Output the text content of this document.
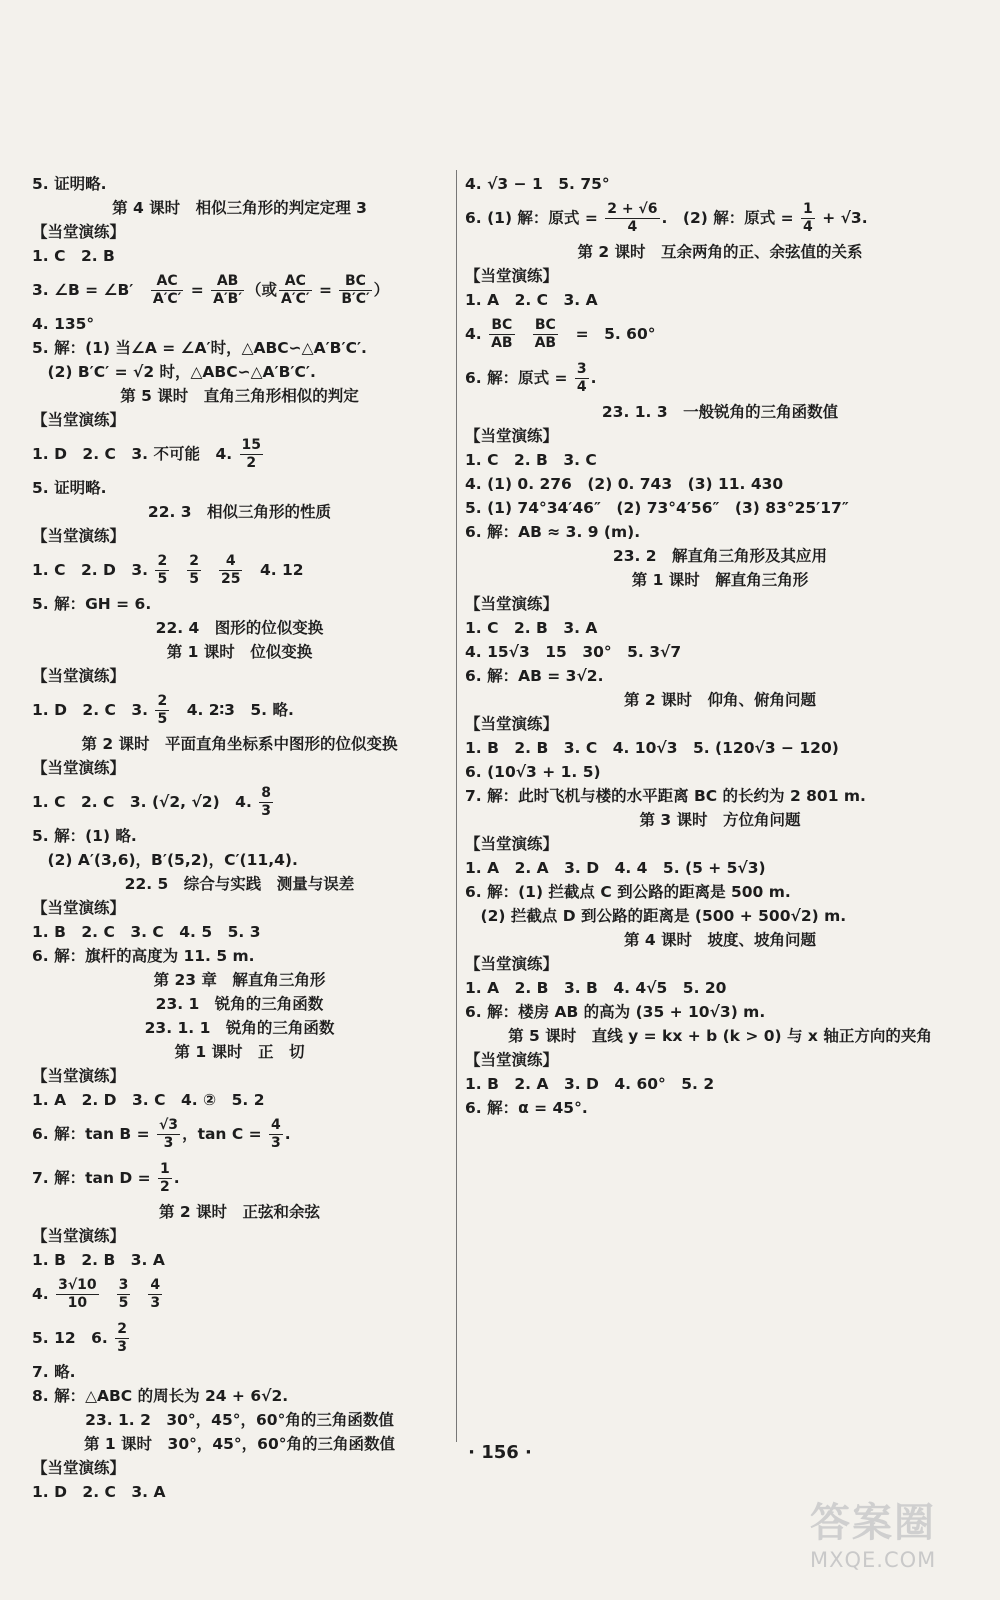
5. 证明略.
第 4 课时　相似三角形的判定定理 3
【当堂演练】
1. C　2. B
3. ∠B = ∠B′　 $\frac{AC}{A'C'} = \frac{AB}{A'B'}$ （或 $\frac{AC}{A'C'} = \frac{BC}{B'C'}$ ）
4. 135°
5. 解：(1) 当∠A = ∠A′时，△ABC∽△A′B′C′.
　(2) B′C′ = √2 时，△ABC∽△A′B′C′.
第 5 课时　直角三角形相似的判定
【当堂演练】
1. D　2. C　3. 不可能　4. $\frac{15}{2}$
5. 证明略.
22. 3　相似三角形的性质
【当堂演练】
1. C　2. D　3. $\frac{2}{5} \frac{2}{5} \frac{4}{25}$ 　4. 12
5. 解：GH = 6.
22. 4　图形的位似变换
第 1 课时　位似变换
【当堂演练】
1. D　2. C　3. $\frac{2}{5}$ 　4. 2∶3　5. 略.
第 2 课时　平面直角坐标系中图形的位似变换
【当堂演练】
1. C　2. C　3. (√2, √2)　4. $\frac{8}{3}$
5. 解：(1) 略.
　(2) A′(3,6)，B′(5,2)，C′(11,4).
22. 5　综合与实践　测量与误差
【当堂演练】
1. B　2. C　3. C　4. 5　5. 3
6. 解：旗杆的高度为 11. 5 m.
第 23 章　解直角三角形
23. 1　锐角的三角函数
23. 1. 1　锐角的三角函数
第 1 课时　正　切
【当堂演练】
1. A　2. D　3. C　4. ②　5. 2
6. 解：$\tan B = \frac{√3}{3}$ ，$\tan C = \frac{4}{3}$ .
7. 解：$\tan D = \frac{1}{2}$ .
第 2 课时　正弦和余弦
【当堂演练】
1. B　2. B　3. A
4. $\frac{3√10}{10} \frac{3}{5} \frac{4}{3}$
5. 12　6. $\frac{2}{3}$
7. 略.
8. 解：△ABC 的周长为 24 + 6√2.
23. 1. 2　30°，45°，60°角的三角函数值
第 1 课时　30°，45°，60°角的三角函数值
【当堂演练】
1. D　2. C　3. A
4. √3 − 1　5. 75°
6. (1) 解：原式 = $\frac{2 + √6}{4}$ .　(2) 解：原式 = $\frac{1}{4} + √3$.
第 2 课时　互余两角的正、余弦值的关系
【当堂演练】
1. A　2. C　3. A
4. $\frac{BC}{AB} \frac{BC}{AB}$ 　=　5. 60°
6. 解：原式 = $\frac{3}{4}$ .
23. 1. 3　一般锐角的三角函数值
【当堂演练】
1. C　2. B　3. C
4. (1) 0. 276　(2) 0. 743　(3) 11. 430
5. (1) 74°34′46″　(2) 73°4′56″　(3) 83°25′17″
6. 解：AB ≈ 3. 9 (m).
23. 2　解直角三角形及其应用
第 1 课时　解直角三角形
【当堂演练】
1. C　2. B　3. A
4. 15√3　15　30°　5. 3√7
6. 解：AB = 3√2.
第 2 课时　仰角、俯角问题
【当堂演练】
1. B　2. B　3. C　4. 10√3　5. (120√3 − 120)
6. (10√3 + 1. 5)
7. 解：此时飞机与楼的水平距离 BC 的长约为 2 801 m.
第 3 课时　方位角问题
【当堂演练】
1. A　2. A　3. D　4. 4　5. (5 + 5√3)
6. 解：(1) 拦截点 C 到公路的距离是 500 m.
　(2) 拦截点 D 到公路的距离是 (500 + 500√2) m.
第 4 课时　坡度、坡角问题
【当堂演练】
1. A　2. B　3. B　4. 4√5　5. 20
6. 解：楼房 AB 的高为 (35 + 10√3) m.
第 5 课时　直线 y = kx + b (k > 0) 与 x 轴正方向的夹角
【当堂演练】
1. B　2. A　3. D　4. 60°　5. 2
6. 解：α = 45°.
· 156 ·
答案圈
MXQE.COM
